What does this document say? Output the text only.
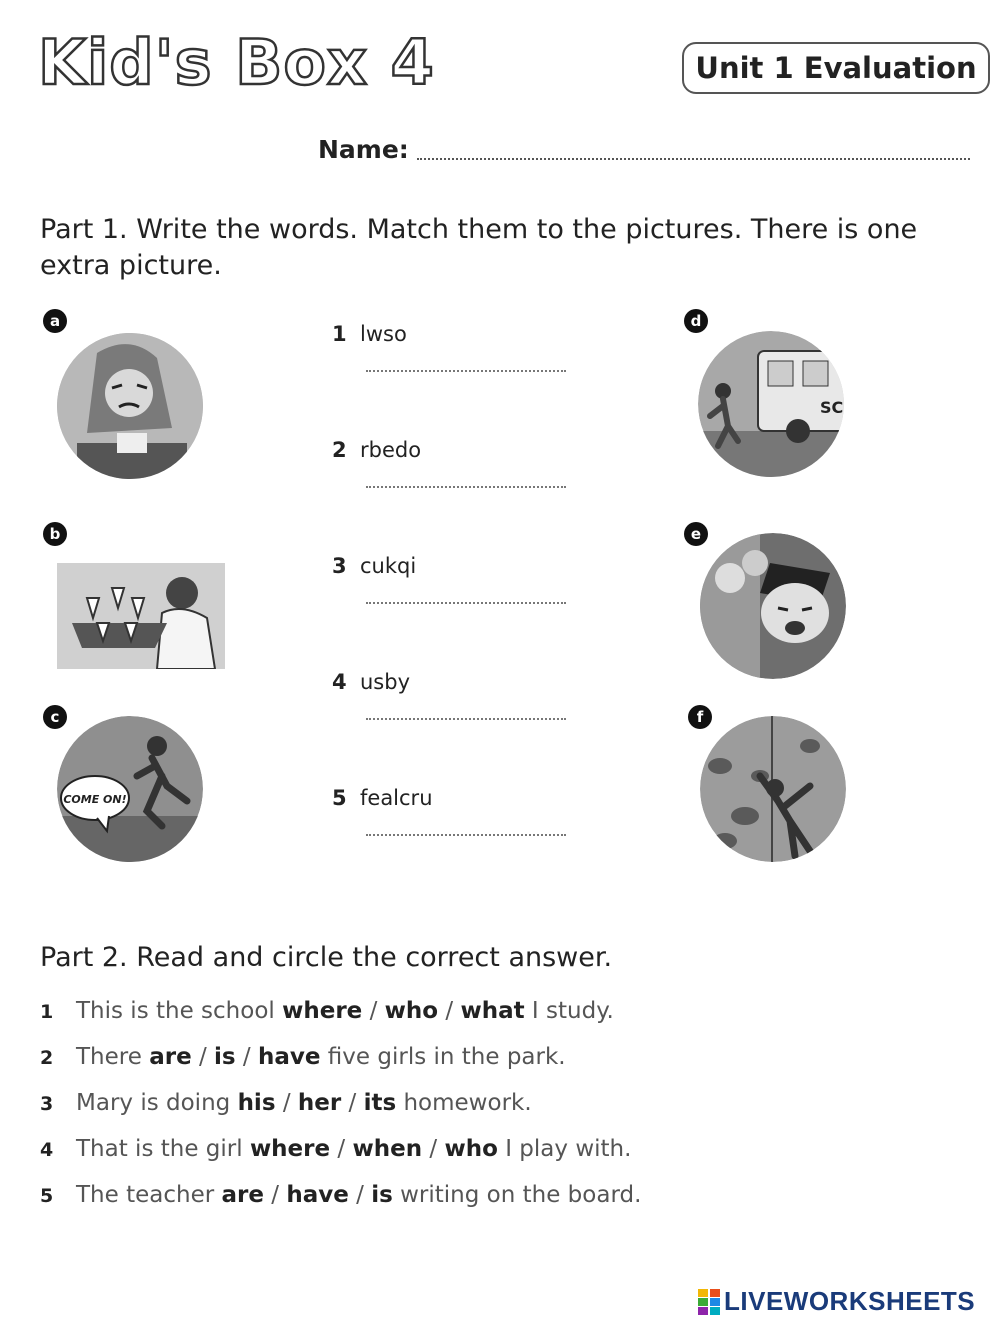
Kid's Box 4	Unit 1 Evaluation
Name:
Part 1. Write the words. Match them to the pictures. There is one extra picture.
a
b
c
COME ON!
d
SC
e
f
1 lwso
2 rbedo
3 cukqi
4 usby
5 fealcru
Part 2. Read and circle the correct answer.
1 This is the school where / who / what I study.
2 There are / is / have five girls in the park.
3 Mary is doing his / her / its homework.
4 That is the girl where / when / who I play with.
5 The teacher are / have / is writing on the board.
LIVEWORKSHEETS
